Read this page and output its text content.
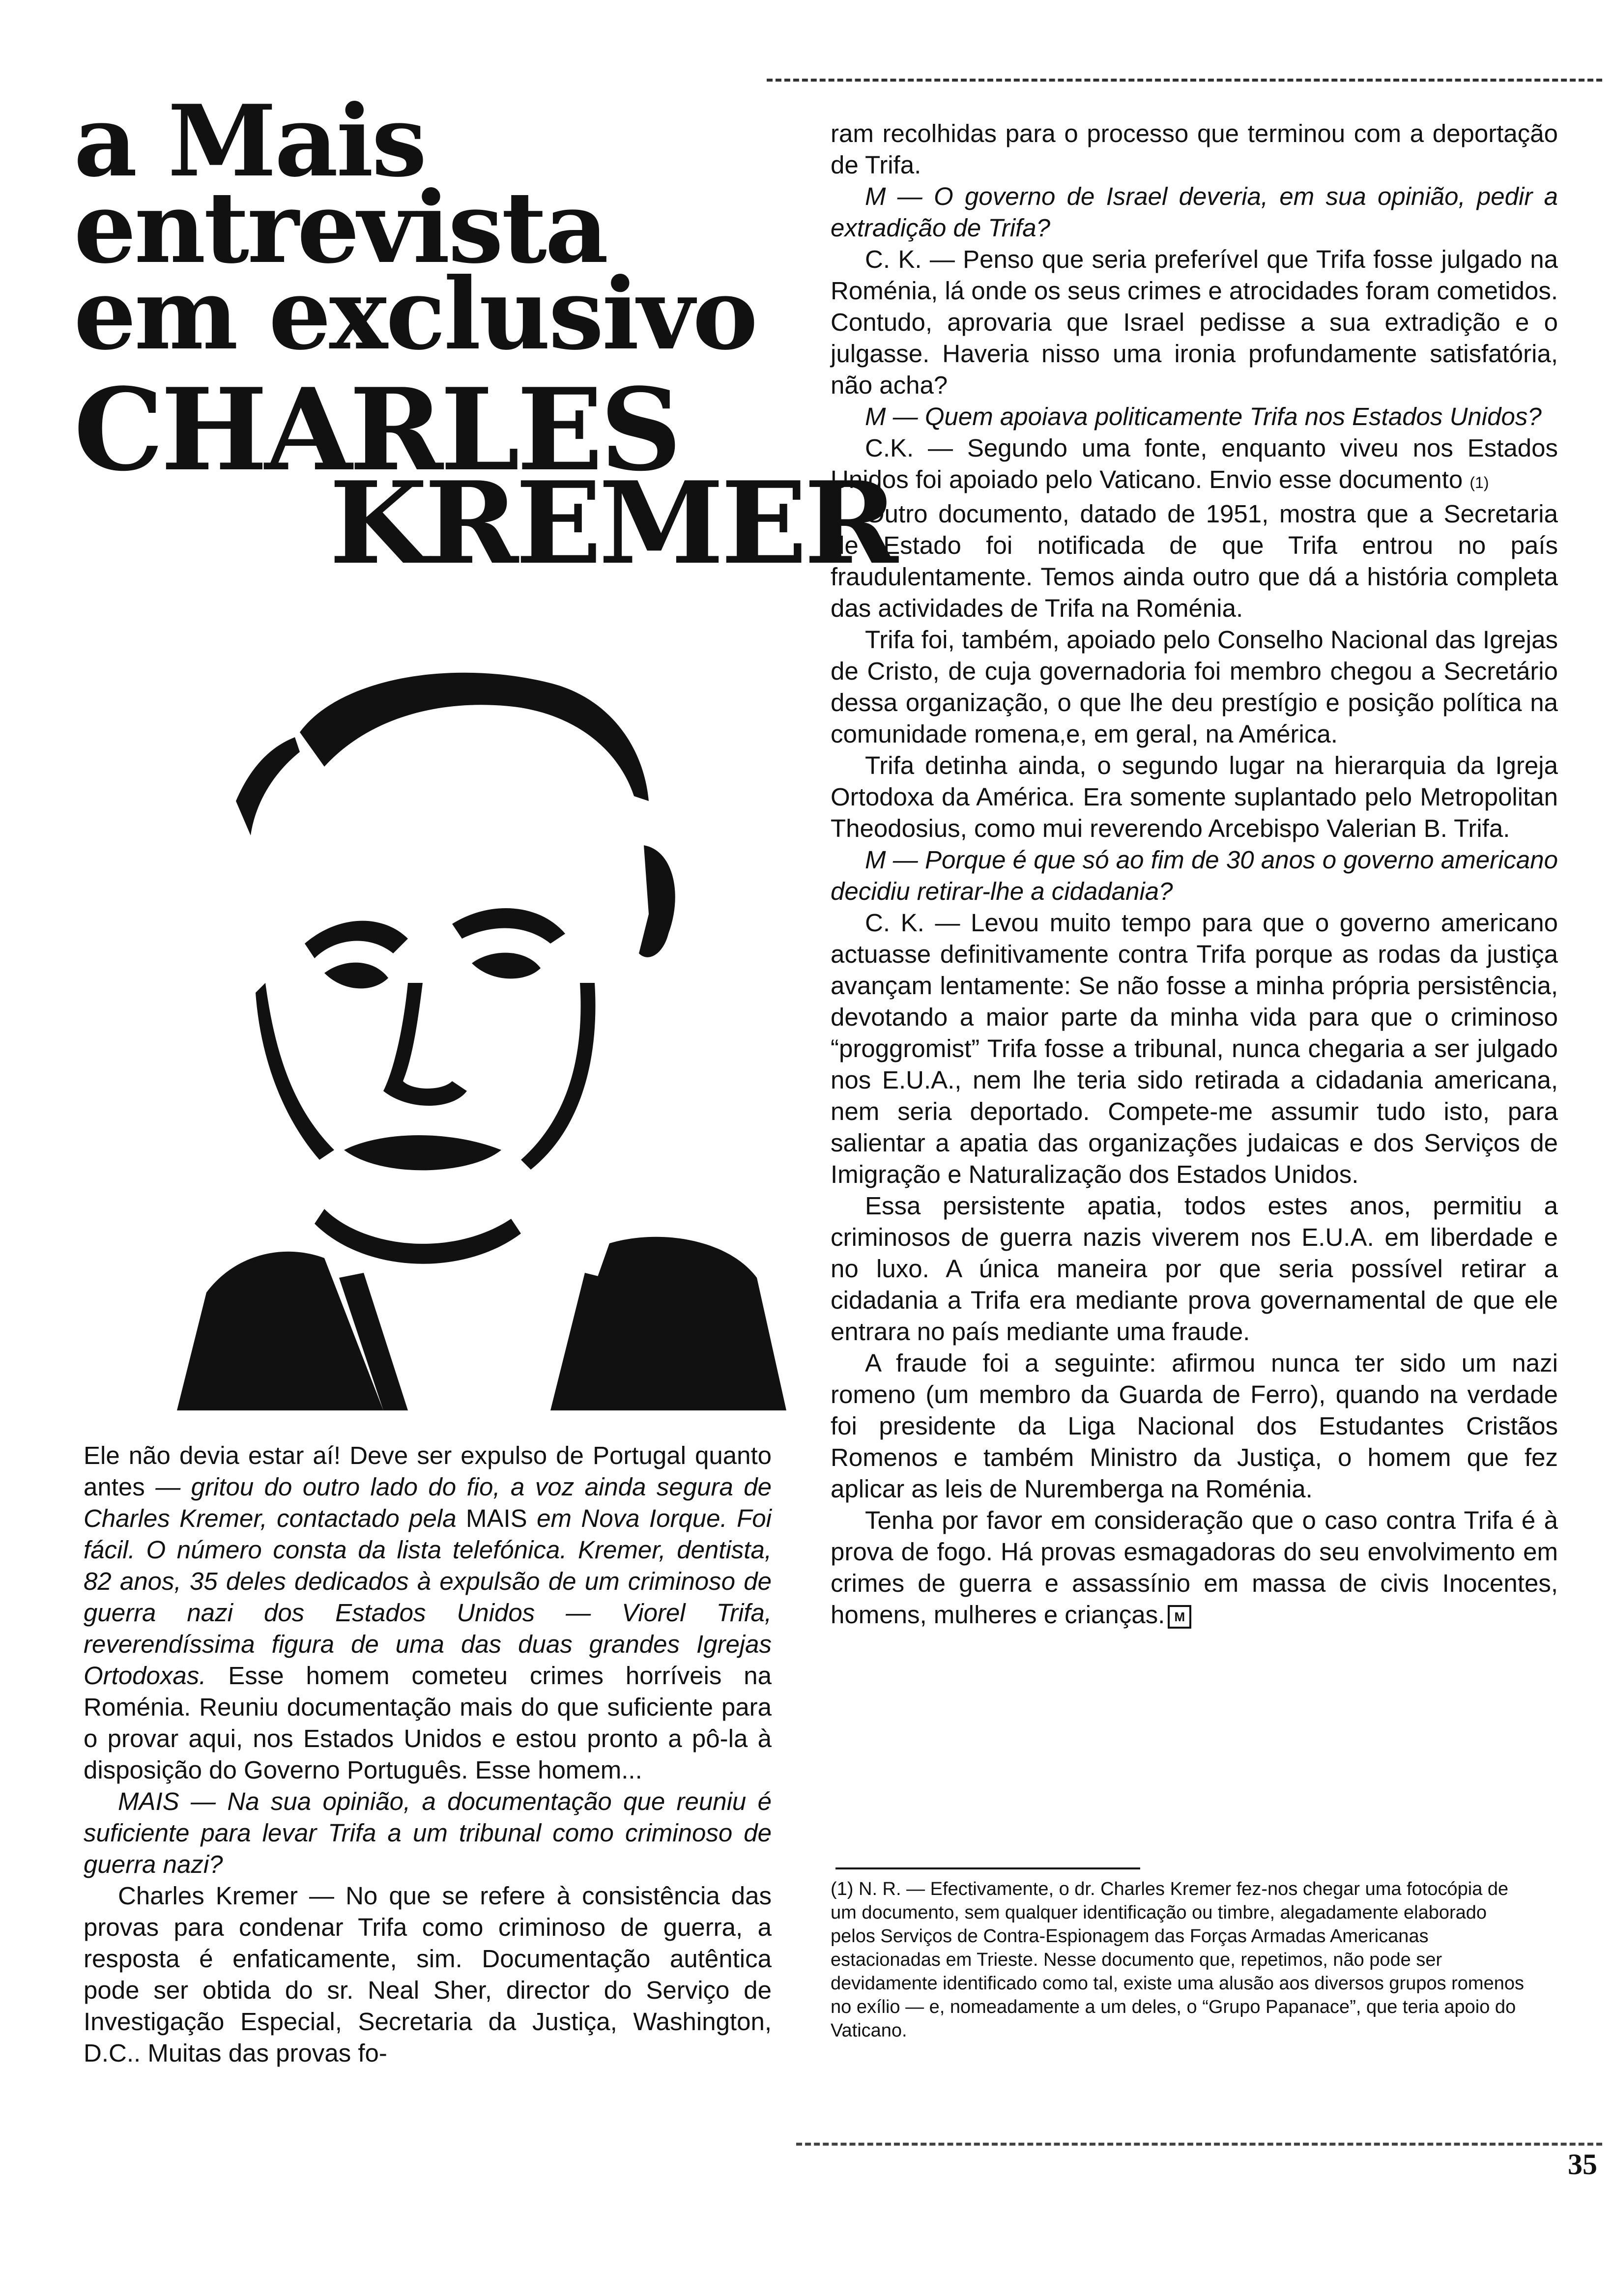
a Mais
entrevista
em exclusivo
CHARLES
KREMER

Ele não devia estar aí! Deve ser expulso de Portugal quanto antes — gritou do outro lado do fio, a voz ainda segura de Charles Kremer, contactado pela MAIS em Nova Iorque. Foi fácil. O número consta da lista telefónica. Kremer, dentista, 82 anos, 35 deles dedicados à expulsão de um criminoso de guerra nazi dos Estados Unidos — Viorel Trifa, reverendíssima figura de uma das duas grandes Igrejas Ortodoxas. Esse homem cometeu crimes horríveis na Roménia. Reuniu documentação mais do que suficiente para o provar aqui, nos Estados Unidos e estou pronto a pô-la à disposição do Governo Português. Esse homem...

MAIS — Na sua opinião, a documentação que reuniu é suficiente para levar Trifa a um tribunal como criminoso de guerra nazi?

Charles Kremer — No que se refere à consistência das provas para condenar Trifa como criminoso de guerra, a resposta é enfaticamente, sim. Documentação autêntica pode ser obtida do sr. Neal Sher, director do Serviço de Investigação Especial, Secretaria da Justiça, Washington, D.C.. Muitas das provas fo-

ram recolhidas para o processo que terminou com a deportação de Trifa.

M — O governo de Israel deveria, em sua opinião, pedir a extradição de Trifa?

C. K. — Penso que seria preferível que Trifa fosse julgado na Roménia, lá onde os seus crimes e atrocidades foram cometidos. Contudo, aprovaria que Israel pedisse a sua extradição e o julgasse. Haveria nisso uma ironia profundamente satisfatória, não acha?

M — Quem apoiava politicamente Trifa nos Estados Unidos?

C.K. — Segundo uma fonte, enquanto viveu nos Estados Unidos foi apoiado pelo Vaticano. Envio esse documento (1)

Outro documento, datado de 1951, mostra que a Secretaria de Estado foi notificada de que Trifa entrou no país fraudulentamente. Temos ainda outro que dá a história completa das actividades de Trifa na Roménia.

Trifa foi, também, apoiado pelo Conselho Nacional das Igrejas de Cristo, de cuja governadoria foi membro chegou a Secretário dessa organização, o que lhe deu prestígio e posição política na comunidade romena,e, em geral, na América.

Trifa detinha ainda, o segundo lugar na hierarquia da Igreja Ortodoxa da América. Era somente suplantado pelo Metropolitan Theodosius, como mui reverendo Arcebispo Valerian B. Trifa.

M — Porque é que só ao fim de 30 anos o governo americano decidiu retirar-lhe a cidadania?

C. K. — Levou muito tempo para que o governo americano actuasse definitivamente contra Trifa porque as rodas da justiça avançam lentamente: Se não fosse a minha própria persistência, devotando a maior parte da minha vida para que o criminoso “proggromist” Trifa fosse a tribunal, nunca chegaria a ser julgado nos E.U.A., nem lhe teria sido retirada a cidadania americana, nem seria deportado. Compete-me assumir tudo isto, para salientar a apatia das organizações judaicas e dos Serviços de Imigração e Naturalização dos Estados Unidos.

Essa persistente apatia, todos estes anos, permitiu a criminosos de guerra nazis viverem nos E.U.A. em liberdade e no luxo. A única maneira por que seria possível retirar a cidadania a Trifa era mediante prova governamental de que ele entrara no país mediante uma fraude.

A fraude foi a seguinte: afirmou nunca ter sido um nazi romeno (um membro da Guarda de Ferro), quando na verdade foi presidente da Liga Nacional dos Estudantes Cristãos Romenos e também Ministro da Justiça, o homem que fez aplicar as leis de Nuremberga na Roménia.

Tenha por favor em consideração que o caso contra Trifa é à prova de fogo. Há provas esmagadoras do seu envolvimento em crimes de guerra e assassínio em massa de civis Inocentes, homens, mulheres e crianças. M

(1) N. R. — Efectivamente, o dr. Charles Kremer fez-nos chegar uma fotocópia de um documento, sem qualquer identificação ou timbre, alegadamente elaborado pelos Serviços de Contra-Espionagem das Forças Armadas Americanas estacionadas em Trieste. Nesse documento que, repetimos, não pode ser devidamente identificado como tal, existe uma alusão aos diversos grupos romenos no exílio — e, nomeadamente a um deles, o “Grupo Papanace”, que teria apoio do Vaticano.

35
